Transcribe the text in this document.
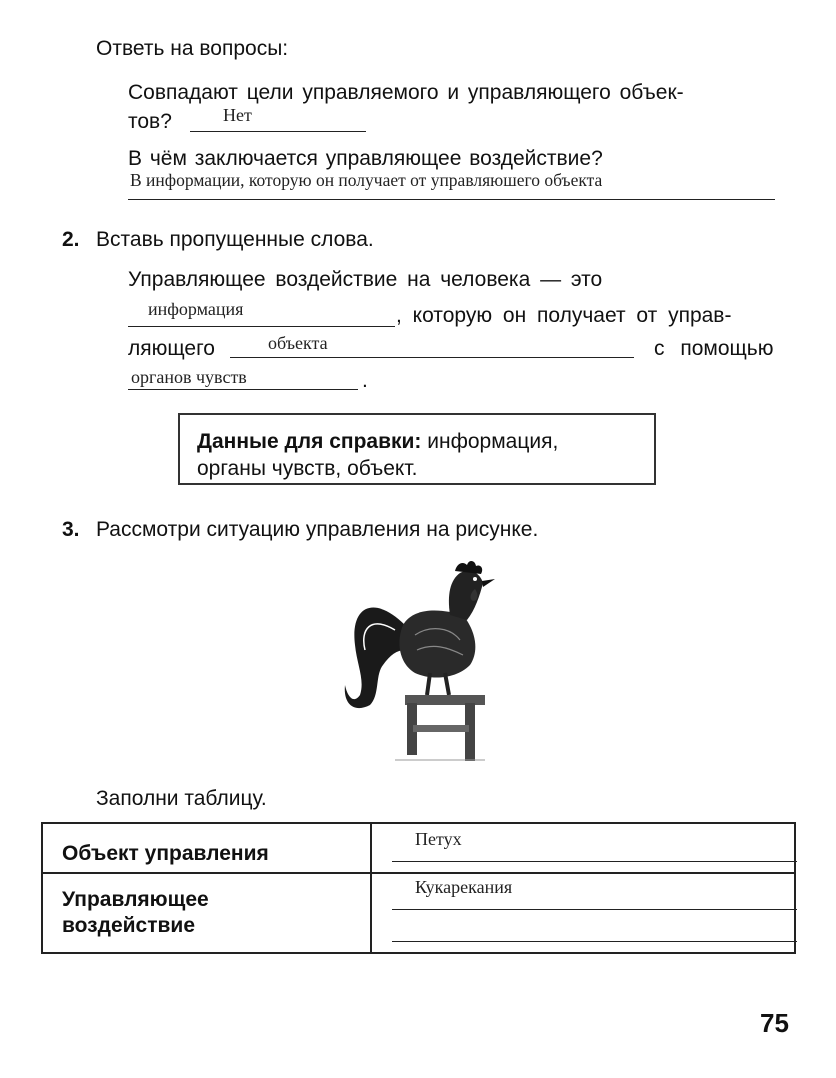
Ответь на вопросы:
Совпадают цели управляемого и управляющего объек-
тов?	Нет
В чём заключается управляющее воздействие?
В информации, которую он получает от управляюшего объекта
2. Вставь пропущенные слова.
Управляющее воздействие на человека — это
информация	, которую он получает от управ-
ляющего	объекта	с помощью
органов чувств	.
Данные для справки: информация,
органы чувств, объект.
3. Рассмотри ситуацию управления на рисунке.
Заполни таблицу.
Объект управления	Петух

Управляющее
воздействие	Кукарекания
75
